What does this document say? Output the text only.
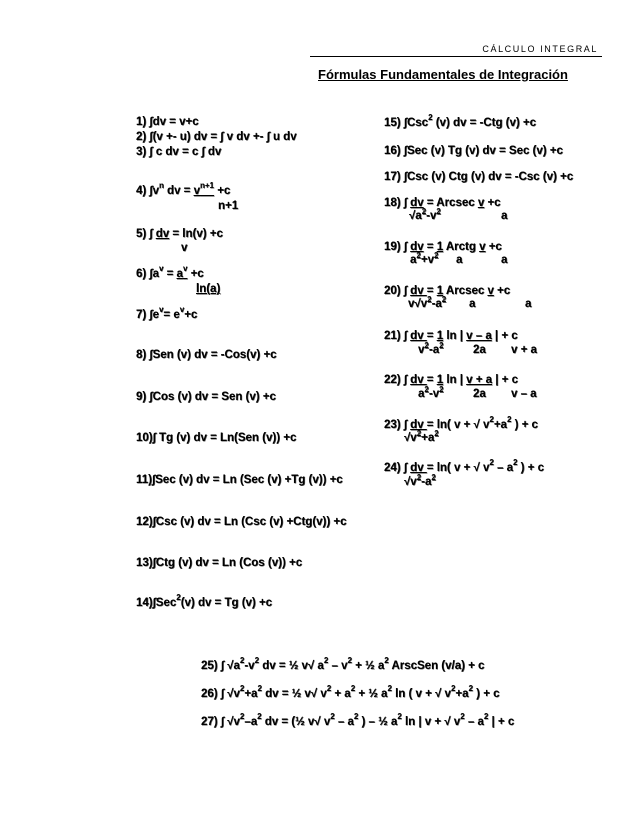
CÁLCULO INTEGRAL
Fórmulas Fundamentales de Integración
1) ∫dv = v+c
2) ∫(v +- u) dv = ∫ v dv +- ∫ u dv
3) ∫ c dv = c ∫ dv
4) $\int v^n$ dv = $v^{n+1} +c$
n+1
5) ∫ dv = ln(v) +c
v
6) $\int a^v = a^v +c$
ln(a)
7) $\int e^v= e^v+c$
8) ∫Sen (v) dv = -Cos(v) +c
9) ∫Cos (v) dv = Sen (v) +c
10)∫ Tg (v) dv = Ln(Sen (v)) +c
11)∫Sec (v) dv = Ln (Sec (v) +Tg (v)) +c
12)∫Csc (v) dv = Ln (Csc (v) +Ctg(v)) +c
13)∫Ctg (v) dv = Ln (Cos (v)) +c
14)∫Sec$^2$(v) dv = Tg (v) +c
15) ∫Csc$^2$ (v) dv = -Ctg (v) +c
16) ∫Sec (v) Tg (v) dv = Sec (v) +c
17) ∫Csc (v) Ctg (v) dv = -Csc (v) +c
18) ∫ dv = Arcsec v +c
$√a^2-v^2$	a
19) ∫ dv = 1 Arctg v +c
$a^2+v^2$ a	a
20) ∫ dv = 1 Arcsec v +c
$v√v^2-a^2$ a	a
21) ∫ dv = 1 ln | v – a | + c
$v^2-a^2$	2a v + a
22) ∫ dv = 1 ln | v + a | + c
$a^2-v^2$	2a v – a
23) ∫ dv = ln( v + √ $v^2+a^2$ ) + c
$√v^2+a^2$
24) ∫ dv = ln( v + √ $v^2 - a^2$ ) + c
$√v^2-a^2$
25) ∫ $√a^2-v^2$ dv = ½ v√ $a^2 - v^2$ + ½ $a^2$ ArscSen (v/a) + c
26) ∫ $√v^2+a^2$ dv = ½ v√ $v^2 + a^2$ + ½ $a^2$ ln ( v + √ $v^2+a^2$ ) + c
27) ∫ $√v^2-a^2$ dv = (½ v√ $v^2 - a^2$ ) – ½ $a^2$ ln | v + √ $v^2 - a^2$ | + c
